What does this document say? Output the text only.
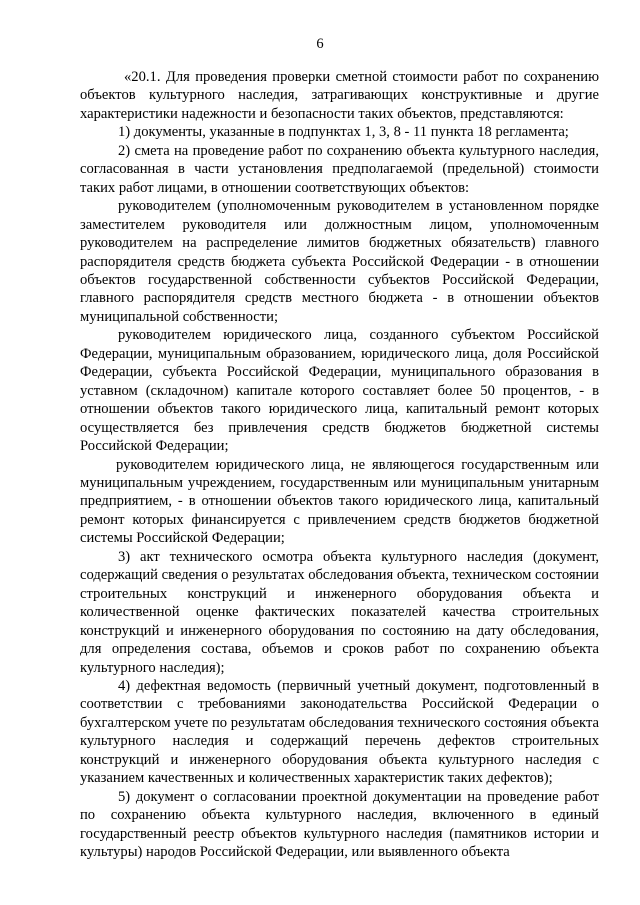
6

«20.1. Для проведения проверки сметной стоимости работ по сохранению объектов культурного наследия, затрагивающих конструктивные и другие характеристики надежности и безопасности таких объектов, представляются:

1) документы, указанные в подпунктах 1, 3, 8 - 11 пункта 18 регламента;

2) смета на проведение работ по сохранению объекта культурного наследия, согласованная в части установления предполагаемой (предельной) стоимости таких работ лицами, в отношении соответствующих объектов:

руководителем (уполномоченным руководителем в установленном порядке заместителем руководителя или должностным лицом, уполномоченным руководителем на распределение лимитов бюджетных обязательств) главного распорядителя средств бюджета субъекта Российской Федерации - в отношении объектов государственной собственности субъектов Российской Федерации, главного распорядителя средств местного бюджета - в отношении объектов муниципальной собственности;

руководителем юридического лица, созданного субъектом Российской Федерации, муниципальным образованием, юридического лица, доля Российской Федерации, субъекта Российской Федерации, муниципального образования в уставном (складочном) капитале которого составляет более 50 процентов, - в отношении объектов такого юридического лица, капитальный ремонт которых осуществляется без привлечения средств бюджетов бюджетной системы Российской Федерации;

руководителем юридического лица, не являющегося государственным или муниципальным учреждением, государственным или муниципальным унитарным предприятием, - в отношении объектов такого юридического лица, капитальный ремонт которых финансируется с привлечением средств бюджетов бюджетной системы Российской Федерации;

3) акт технического осмотра объекта культурного наследия (документ, содержащий сведения о результатах обследования объекта, техническом состоянии строительных конструкций и инженерного оборудования объекта и количественной оценке фактических показателей качества строительных конструкций и инженерного оборудования по состоянию на дату обследования, для определения состава, объемов и сроков работ по сохранению объекта культурного наследия);

4) дефектная ведомость (первичный учетный документ, подготовленный в соответствии с требованиями законодательства Российской Федерации о бухгалтерском учете по результатам обследования технического состояния объекта культурного наследия и содержащий перечень дефектов строительных конструкций и инженерного оборудования объекта культурного наследия с указанием качественных и количественных характеристик таких дефектов);

5) документ о согласовании проектной документации на проведение работ по сохранению объекта культурного наследия, включенного в единый государственный реестр объектов культурного наследия (памятников истории и культуры) народов Российской Федерации, или выявленного объекта
